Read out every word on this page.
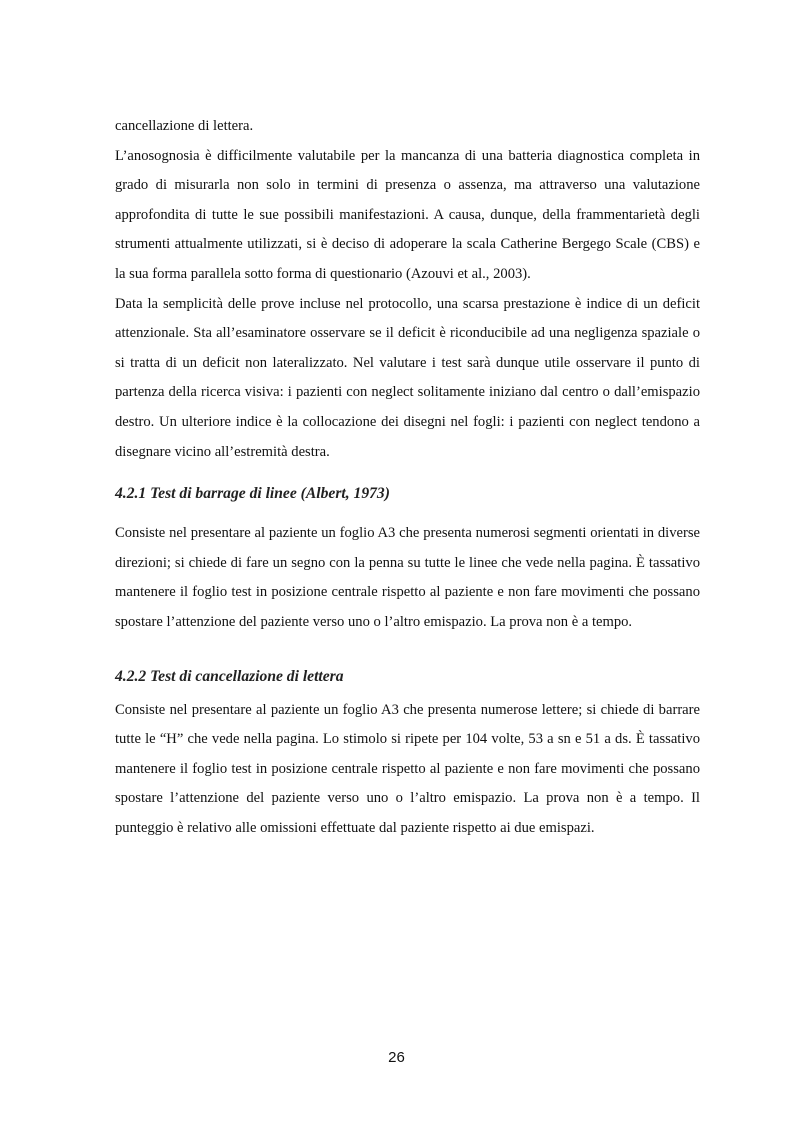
cancellazione di lettera.

L’anosognosia è difficilmente valutabile per la mancanza di una batteria diagnostica completa in grado di misurarla non solo in termini di presenza o assenza, ma attraverso una valutazione approfondita di tutte le sue possibili manifestazioni. A causa, dunque, della frammentarietà degli strumenti attualmente utilizzati, si è deciso di adoperare la scala Catherine Bergego Scale (CBS) e la sua forma parallela sotto forma di questionario (Azouvi et al., 2003).

Data la semplicità delle prove incluse nel protocollo, una scarsa prestazione è indice di un deficit attenzionale. Sta all’esaminatore osservare se il deficit è riconducibile ad una negligenza spaziale o si tratta di un deficit non lateralizzato. Nel valutare i test sarà dunque utile osservare il punto di partenza della ricerca visiva: i pazienti con neglect solitamente iniziano dal centro o dall’emispazio destro. Un ulteriore indice è la collocazione dei disegni nel fogli: i pazienti con neglect tendono a disegnare vicino all’estremità destra.

4.2.1 Test di barrage di linee (Albert, 1973)

Consiste nel presentare al paziente un foglio A3 che presenta numerosi segmenti orientati in diverse direzioni; si chiede di fare un segno con la penna su tutte le linee che vede nella pagina. È tassativo mantenere il foglio test in posizione centrale rispetto al paziente e non fare movimenti che possano spostare l’attenzione del paziente verso uno o l’altro emispazio. La prova non è a tempo.

4.2.2 Test di cancellazione di lettera

Consiste nel presentare al paziente un foglio A3 che presenta numerose lettere; si chiede di barrare tutte le “H” che vede nella pagina. Lo stimolo si ripete per 104 volte, 53 a sn e 51 a ds. È tassativo mantenere il foglio test in posizione centrale rispetto al paziente e non fare movimenti che possano spostare l’attenzione del paziente verso uno o l’altro emispazio. La prova non è a tempo. Il punteggio è relativo alle omissioni effettuate dal paziente rispetto ai due emispazi.

26
